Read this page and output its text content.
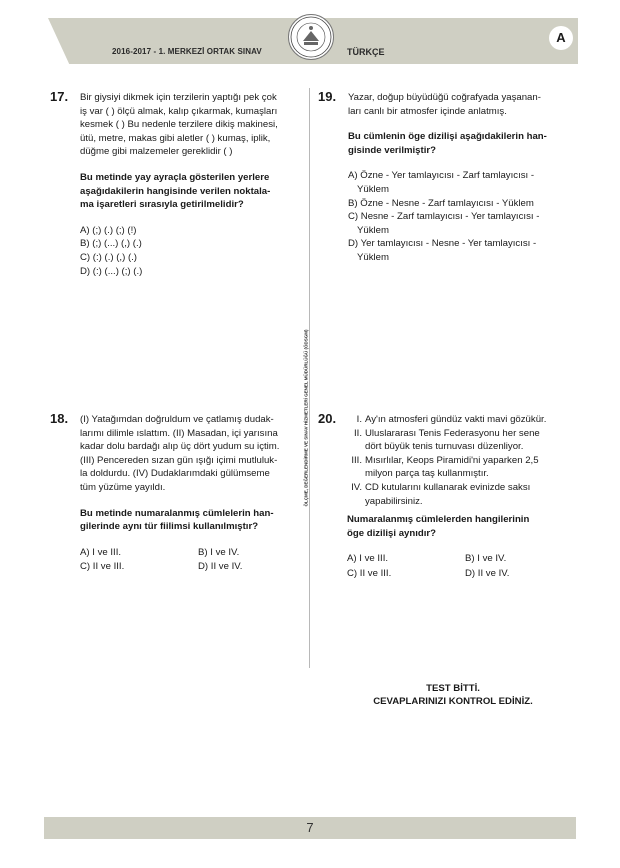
2016-2017 - 1. MERKEZİ ORTAK SINAV	TÜRKÇE
A
17. Bir giysiyi dikmek için terzilerin yaptığı pek çok
iş var ( ) ölçü almak, kalıp çıkarmak, kumaşları
kesmek ( ) Bu nedenle terzilere dikiş makinesi,
ütü, metre, makas gibi aletler ( ) kumaş, iplik,
düğme gibi malzemeler gereklidir ( )

Bu metinde yay ayraçla gösterilen yerlere
aşağıdakilerin hangisinde verilen noktala-
ma işaretleri sırasıyla getirilmelidir?

A) (;) (.) (;) (!)
B) (;) (...) (,) (.)
C) (:) (.) (,) (.)
D) (:) (...) (;) (.)
18. (I) Yatağımdan doğruldum ve çatlamış dudak-
larımı dilimle ıslattım. (II) Masadan, içi yarısına
kadar dolu bardağı alıp üç dört yudum su içtim.
(III) Pencereden sızan gün ışığı içimi mutluluk-
la doldurdu. (IV) Dudaklarımdaki gülümseme
tüm yüzüme yayıldı.

Bu metinde numaralanmış cümlelerin han-
gilerinde aynı tür fiilimsi kullanılmıştır?

A) I ve III.	B) I ve IV.
C) II ve III.	D) II ve IV.
ÖLÇME, DEĞERLENDİRME VE SINAV HİZMETLERİ GENEL MÜDÜRLÜĞÜ (ÖDSGM)
19. Yazar, doğup büyüdüğü coğrafyada yaşanan-
ları canlı bir atmosfer içinde anlatmış.

Bu cümlenin öge dizilişi aşağıdakilerin han-
gisinde verilmiştir?

A) Özne - Yer tamlayıcısı - Zarf tamlayıcısı -
Yüklem
B) Özne - Nesne - Zarf tamlayıcısı - Yüklem
C) Nesne - Zarf tamlayıcısı - Yer tamlayıcısı -
Yüklem
D) Yer tamlayıcısı - Nesne - Yer tamlayıcısı -
Yüklem
20.	I. Ay'ın atmosferi gündüz vakti mavi gözükür.
II. Uluslararası Tenis Federasyonu her sene
dört büyük tenis turnuvası düzenliyor.
III. Mısırlılar, Keops Piramidi'ni yaparken 2,5
milyon parça taş kullanmıştır.
IV. CD kutularını kullanarak evinizde saksı
yapabilirsiniz.

Numaralanmış cümlelerden hangilerinin
öge dizilişi aynıdır?

A) I ve III.	B) I ve IV.
C) II ve III.	D) II ve IV.
TEST BİTTİ.
CEVAPLARINIZI KONTROL EDİNİZ.
7
